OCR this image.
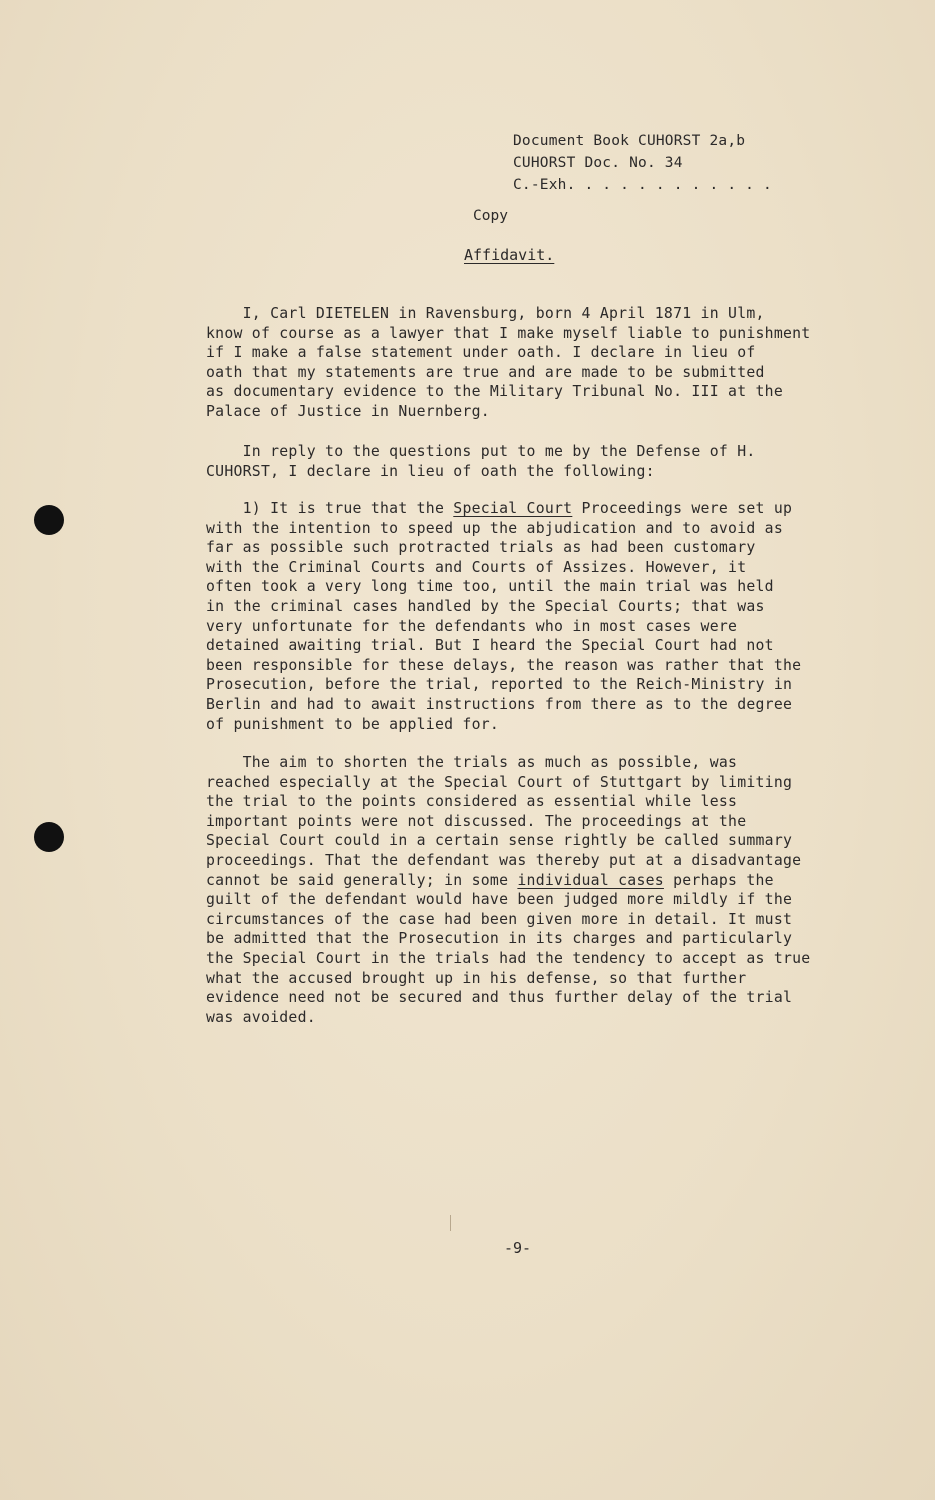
Document Book CUHORST 2a,b
CUHORST Doc. No. 34
C.-Exh. . . . . . . . . . . .
Copy
Affidavit.
I, Carl DIETELEN in Ravensburg, born 4 April 1871 in Ulm,
know of course as a lawyer that I make myself liable to punishment
if I make a false statement under oath. I declare in lieu of
oath that my statements are true and are made to be submitted
as documentary evidence to the Military Tribunal No. III at the
Palace of Justice in Nuernberg.
In reply to the questions put to me by the Defense of H.
CUHORST, I declare in lieu of oath the following:
1) It is true that the Special Court Proceedings were set up
with the intention to speed up the abjudication and to avoid as
far as possible such protracted trials as had been customary
with the Criminal Courts and Courts of Assizes. However, it
often took a very long time too, until the main trial was held
in the criminal cases handled by the Special Courts; that was
very unfortunate for the defendants who in most cases were
detained awaiting trial. But I heard the Special Court had not
been responsible for these delays, the reason was rather that the
Prosecution, before the trial, reported to the Reich-Ministry in
Berlin and had to await instructions from there as to the degree
of punishment to be applied for.
The aim to shorten the trials as much as possible, was
reached especially at the Special Court of Stuttgart by limiting
the trial to the points considered as essential while less
important points were not discussed. The proceedings at the
Special Court could in a certain sense rightly be called summary
proceedings. That the defendant was thereby put at a disadvantage
cannot be said generally; in some individual cases perhaps the
guilt of the defendant would have been judged more mildly if the
circumstances of the case had been given more in detail. It must
be admitted that the Prosecution in its charges and particularly
the Special Court in the trials had the tendency to accept as true
what the accused brought up in his defense, so that further
evidence need not be secured and thus further delay of the trial
was avoided.
-9-
